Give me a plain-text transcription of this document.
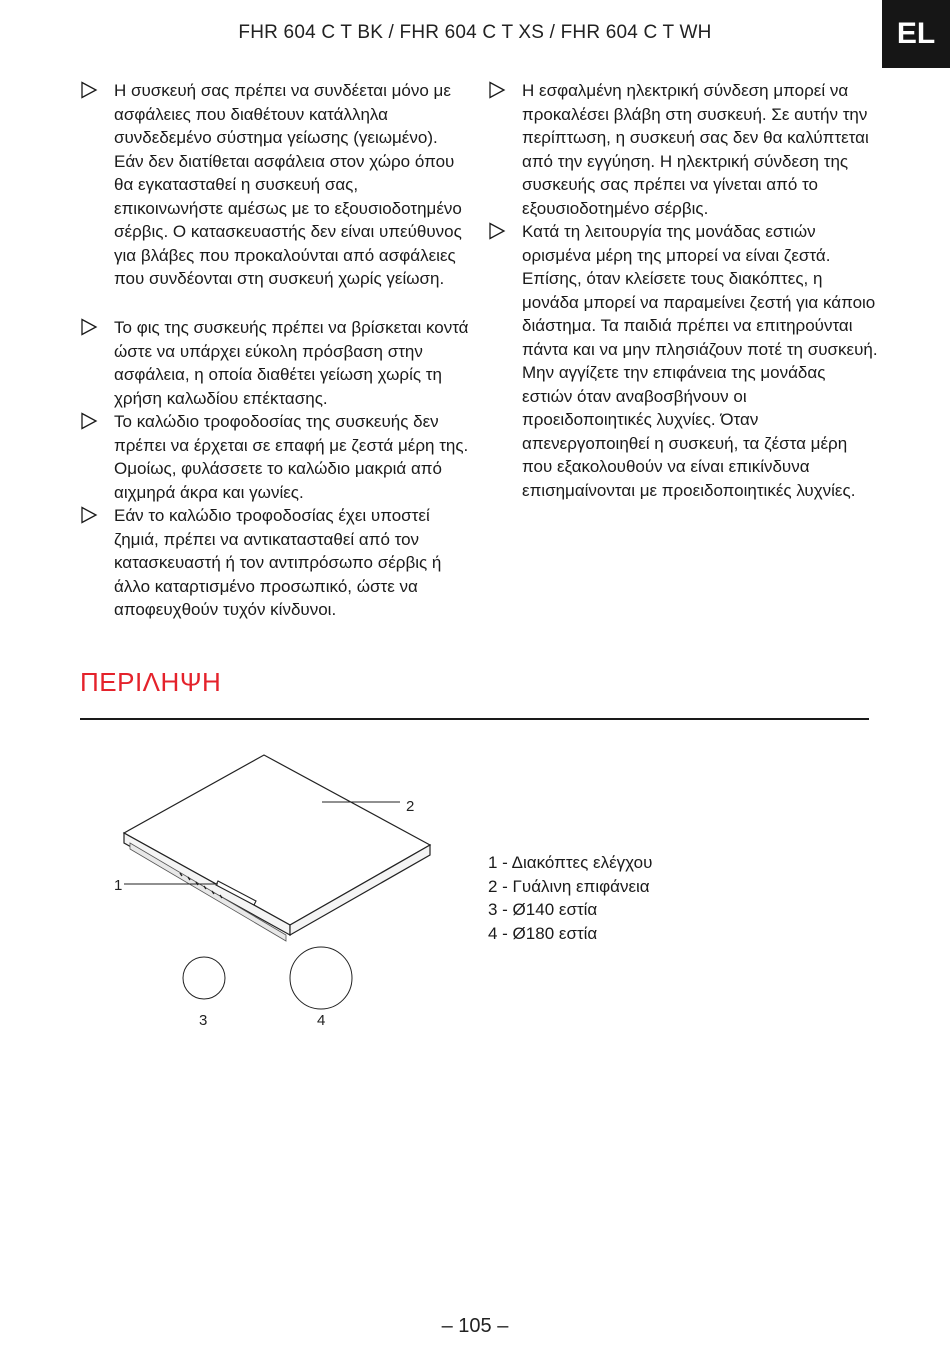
FHR 604 C T BK / FHR 604 C T XS / FHR 604 C T WH	EL

Η συσκευή σας πρέπει να συνδέεται μόνο με ασφάλειες που διαθέτουν κατάλληλα συνδεδεμένο σύστημα γείωσης (γειωμένο). Εάν δεν διατίθεται ασφάλεια στον χώρο όπου θα εγκατασταθεί η συσκευή σας, επικοινωνήστε αμέσως με το εξουσιοδοτημένο σέρβις. Ο κατασκευαστής δεν είναι υπεύθυνος για βλάβες που προκαλούνται από ασφάλειες που συνδέονται στη συσκευή χωρίς γείωση.

Το φις της συσκευής πρέπει να βρίσκεται κοντά ώστε να υπάρχει εύκολη πρόσβαση στην ασφάλεια, η οποία διαθέτει γείωση χωρίς τη χρήση καλωδίου επέκτασης.

Το καλώδιο τροφοδοσίας της συσκευής δεν πρέπει να έρχεται σε επαφή με ζεστά μέρη της. Ομοίως, φυλάσσετε το καλώδιο μακριά από αιχμηρά άκρα και γωνίες.

Εάν το καλώδιο τροφοδοσίας έχει υποστεί ζημιά, πρέπει να αντικατασταθεί από τον κατασκευαστή ή τον αντιπρόσωπο σέρβις ή άλλο καταρτισμένο προσωπικό, ώστε να αποφευχθούν τυχόν κίνδυνοι.

Η εσφαλμένη ηλεκτρική σύνδεση μπορεί να προκαλέσει βλάβη στη συσκευή. Σε αυτήν την περίπτωση, η συσκευή σας δεν θα καλύπτεται από την εγγύηση. Η ηλεκτρική σύνδεση της συσκευής σας πρέπει να γίνεται από το εξουσιοδοτημένο σέρβις.

Κατά τη λειτουργία της μονάδας εστιών ορισμένα μέρη της μπορεί να είναι ζεστά. Επίσης, όταν κλείσετε τους διακόπτες, η μονάδα μπορεί να παραμείνει ζεστή για κάποιο διάστημα. Τα παιδιά πρέπει να επιτηρούνται πάντα και να μην πλησιάζουν ποτέ τη συσκευή. Μην αγγίζετε την επιφάνεια της μονάδας εστιών όταν αναβοσβήνουν οι προειδοποιητικές λυχνίες. Όταν απενεργοποιηθεί η συσκευή, τα ζέστα μέρη που εξακολουθούν να είναι επικίνδυνα επισημαίνονται με προειδοποιητικές λυχνίες.

ΠΕΡΙΛΗΨΗ
2
1
3	4
1 - Διακόπτες ελέγχου
2 - Γυάλινη επιφάνεια
3 - Ø140 εστία
4 - Ø180 εστία
– 105 –
